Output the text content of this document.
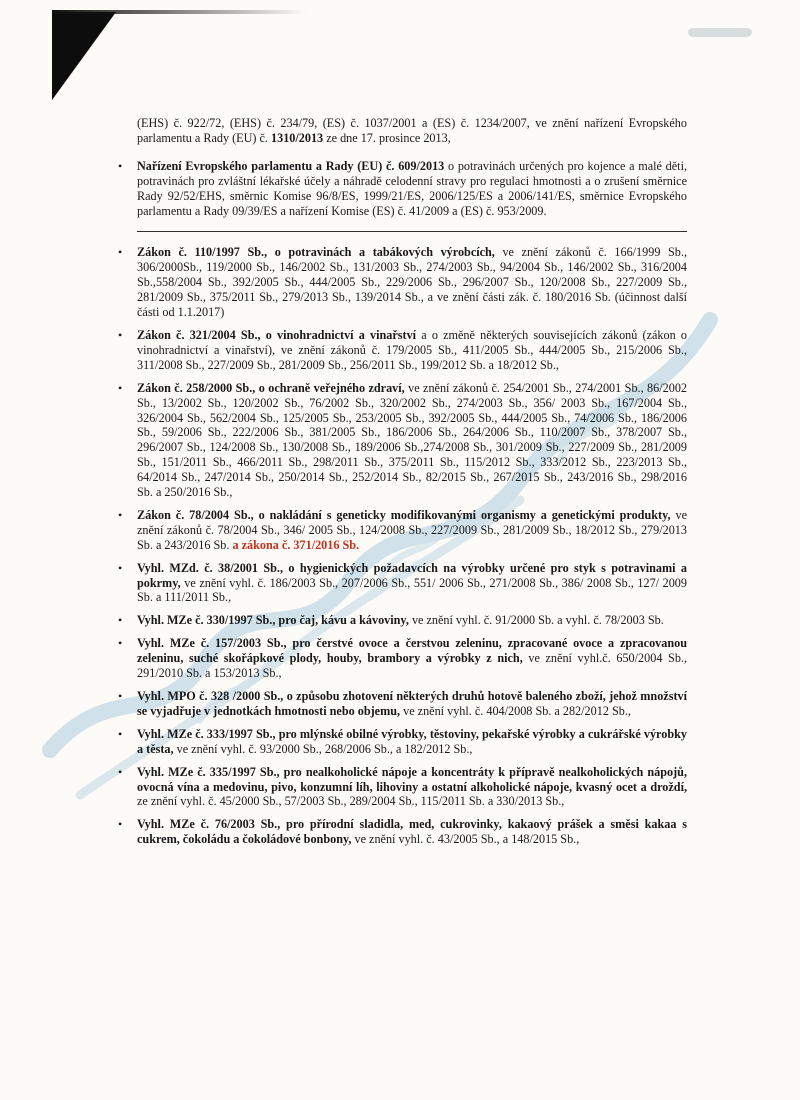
(EHS) č. 922/72, (EHS) č. 234/79, (ES) č. 1037/2001 a (ES) č. 1234/2007, ve znění nařízení Evropského parlamentu a Rady (EU) č. 1310/2013 ze dne 17. prosince 2013,

• Nařízení Evropského parlamentu a Rady (EU) č. 609/2013 o potravinách určených pro kojence a malé děti, potravinách pro zvláštní lékařské účely a náhradě celodenní stravy pro regulaci hmotnosti a o zrušení směrnice Rady 92/52/EHS, směrnic Komise 96/8/ES, 1999/21/ES, 2006/125/ES a 2006/141/ES, směrnice Evropského parlamentu a Rady 09/39/ES a nařízení Komise (ES) č. 41/2009 a (ES) č. 953/2009.
• Zákon č. 110/1997 Sb., o potravinách a tabákových výrobcích, ve znění zákonů č. 166/1999 Sb., 306/2000Sb., 119/2000 Sb., 146/2002 Sb., 131/2003 Sb., 274/2003 Sb., 94/2004 Sb., 146/2002 Sb., 316/2004 Sb.,558/2004 Sb., 392/2005 Sb., 444/2005 Sb., 229/2006 Sb., 296/2007 Sb., 120/2008 Sb., 227/2009 Sb., 281/2009 Sb., 375/2011 Sb., 279/2013 Sb., 139/2014 Sb., a ve znění části zák. č. 180/2016 Sb. (účinnost další části od 1.1.2017)
• Zákon č. 321/2004 Sb., o vinohradnictví a vinařství a o změně některých souvisejících zákonů (zákon o vinohradnictví a vinařství), ve znění zákonů č. 179/2005 Sb., 411/2005 Sb., 444/2005 Sb., 215/2006 Sb., 311/2008 Sb., 227/2009 Sb., 281/2009 Sb., 256/2011 Sb., 199/2012 Sb. a 18/2012 Sb.,
• Zákon č. 258/2000 Sb., o ochraně veřejného zdraví, ve znění zákonů č. 254/2001 Sb., 274/2001 Sb., 86/2002 Sb., 13/2002 Sb., 120/2002 Sb., 76/2002 Sb., 320/2002 Sb., 274/2003 Sb., 356/ 2003 Sb., 167/2004 Sb., 326/2004 Sb., 562/2004 Sb., 125/2005 Sb., 253/2005 Sb., 392/2005 Sb., 444/2005 Sb., 74/2006 Sb., 186/2006 Sb., 59/2006 Sb., 222/2006 Sb., 381/2005 Sb., 186/2006 Sb., 264/2006 Sb., 110/2007 Sb., 378/2007 Sb., 296/2007 Sb., 124/2008 Sb., 130/2008 Sb., 189/2006 Sb.,274/2008 Sb., 301/2009 Sb., 227/2009 Sb., 281/2009 Sb., 151/2011 Sb., 466/2011 Sb., 298/2011 Sb., 375/2011 Sb., 115/2012 Sb., 333/2012 Sb., 223/2013 Sb., 64/2014 Sb., 247/2014 Sb., 250/2014 Sb., 252/2014 Sb., 82/2015 Sb., 267/2015 Sb., 243/2016 Sb., 298/2016 Sb. a 250/2016 Sb.,
• Zákon č. 78/2004 Sb., o nakládání s geneticky modifikovanými organismy a genetickými produkty, ve znění zákonů č. 78/2004 Sb., 346/ 2005 Sb., 124/2008 Sb., 227/2009 Sb., 281/2009 Sb., 18/2012 Sb., 279/2013 Sb. a 243/2016 Sb. a zákona č. 371/2016 Sb.
• Vyhl. MZd. č. 38/2001 Sb., o hygienických požadavcích na výrobky určené pro styk s potravinami a pokrmy, ve znění vyhl. č. 186/2003 Sb., 207/2006 Sb., 551/ 2006 Sb., 271/2008 Sb., 386/ 2008 Sb., 127/ 2009 Sb. a 111/2011 Sb.,
• Vyhl. MZe č. 330/1997 Sb., pro čaj, kávu a kávoviny, ve znění vyhl. č. 91/2000 Sb. a vyhl. č. 78/2003 Sb.
• Vyhl. MZe č. 157/2003 Sb., pro čerstvé ovoce a čerstvou zeleninu, zpracované ovoce a zpracovanou zeleninu, suché skořápkové plody, houby, brambory a výrobky z nich, ve znění vyhl.č. 650/2004 Sb., 291/2010 Sb. a 153/2013 Sb.,
• Vyhl. MPO č. 328 /2000 Sb., o způsobu zhotovení některých druhů hotově baleného zboží, jehož množství se vyjadřuje v jednotkách hmotnosti nebo objemu, ve znění vyhl. č. 404/2008 Sb. a 282/2012 Sb.,
• Vyhl. MZe č. 333/1997 Sb., pro mlýnské obilné výrobky, těstoviny, pekařské výrobky a cukrářské výrobky a těsta, ve znění vyhl. č. 93/2000 Sb., 268/2006 Sb., a 182/2012 Sb.,
• Vyhl. MZe č. 335/1997 Sb., pro nealkoholické nápoje a koncentráty k přípravě nealkoholických nápojů, ovocná vína a medovinu, pivo, konzumní líh, lihoviny a ostatní alkoholické nápoje, kvasný ocet a droždí, ze znění vyhl. č. 45/2000 Sb., 57/2003 Sb., 289/2004 Sb., 115/2011 Sb. a 330/2013 Sb.,
• Vyhl. MZe č. 76/2003 Sb., pro přírodní sladidla, med, cukrovinky, kakaový prášek a směsi kakaa s cukrem, čokoládu a čokoládové bonbony, ve znění vyhl. č. 43/2005 Sb., a 148/2015 Sb.,
